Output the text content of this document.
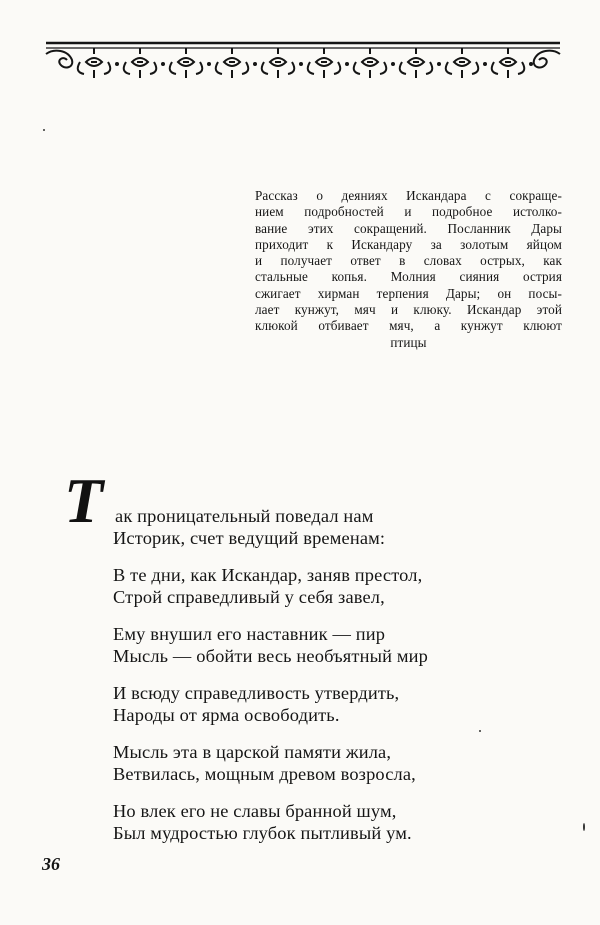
Рассказ о деяниях Искандара с сокраще-
нием подробностей и подробное истолко-
вание этих сокращений. Посланник Дары
приходит к Искандару за золотым яйцом
и получает ответ в словах острых, как
стальные копья. Молния сияния острия
сжигает хирман терпения Дары; он посы-
лает кунжут, мяч и клюку. Искандар этой
клюкой отбивает мяч, а кунжут клюют
птицы
Т ак проницательный поведал нам
Историк, счет ведущий временам:
В те дни, как Искандар, заняв престол,
Строй справедливый у себя завел,
Ему внушил его наставник — пир
Мысль — обойти весь необъятный мир
И всюду справедливость утвердить,
Народы от ярма освободить.
Мысль эта в царской памяти жила,
Ветвилась, мощным древом возросла,
Но влек его не славы бранной шум,
Был мудростью глубок пытливый ум.
36
